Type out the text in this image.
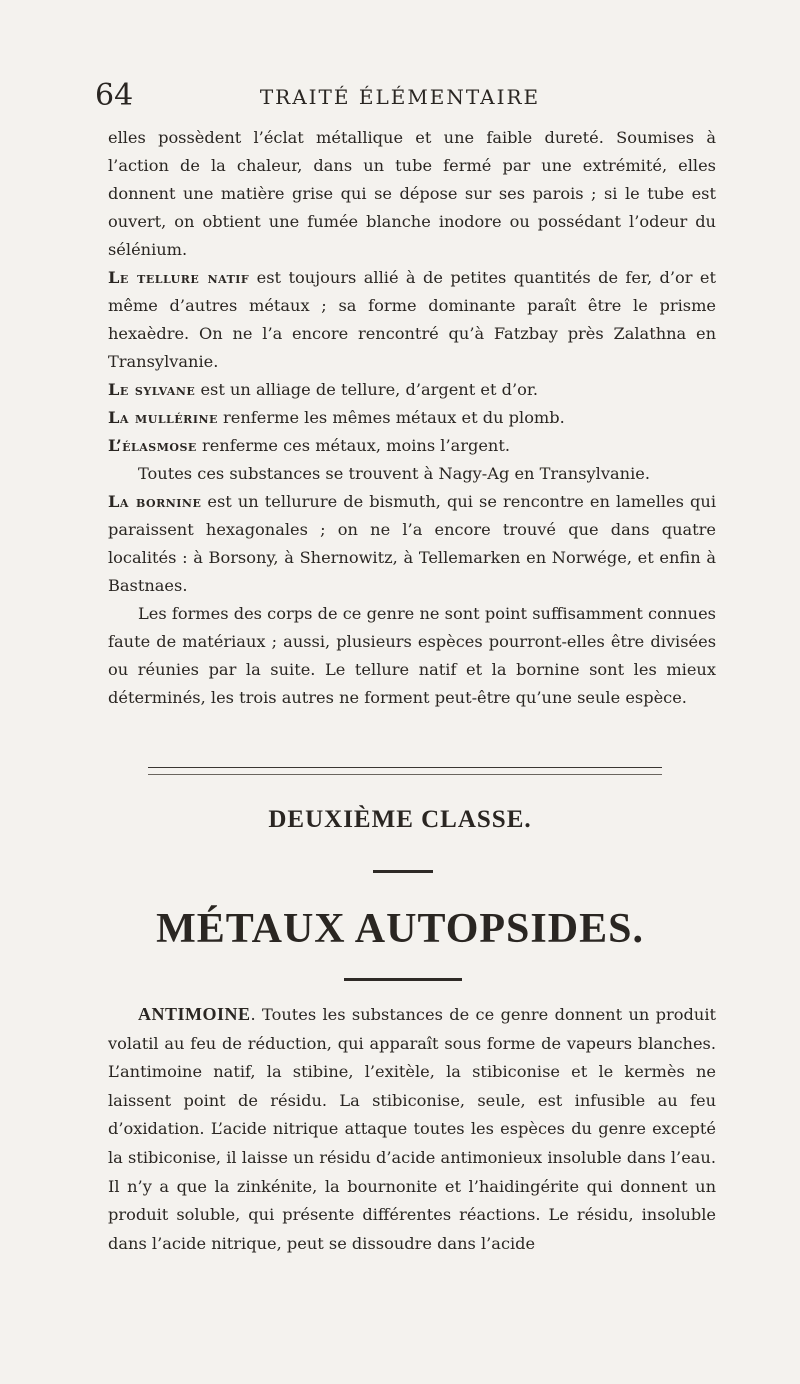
64	TRAITÉ ÉLÉMENTAIRE

elles possèdent l’éclat métallique et une faible dureté. Soumises à l’action de la chaleur, dans un tube fermé par une extrémité, elles donnent une matière grise qui se dépose sur ses parois ; si le tube est ouvert, on obtient une fumée blanche inodore ou possédant l’odeur du sélénium.

Le tellure natif est toujours allié à de petites quantités de fer, d’or et même d’autres métaux ; sa forme dominante paraît être le prisme hexaèdre. On ne l’a encore rencontré qu’à Fatzbay près Zalathna en Transylvanie.

Le sylvane est un alliage de tellure, d’argent et d’or.

La mullérine renferme les mêmes métaux et du plomb.

L’élasmose renferme ces métaux, moins l’argent.

Toutes ces substances se trouvent à Nagy-Ag en Transylvanie.

La bornine est un tellurure de bismuth, qui se rencontre en lamelles qui paraissent hexagonales ; on ne l’a encore trouvé que dans quatre localités : à Borsony, à Shernowitz, à Tellemarken en Norwége, et enfin à Bastnaes.

Les formes des corps de ce genre ne sont point suffisamment connues faute de matériaux ; aussi, plusieurs espèces pourront-elles être divisées ou réunies par la suite. Le tellure natif et la bornine sont les mieux déterminés, les trois autres ne forment peut-être qu’une seule espèce.

DEUXIÈME CLASSE.
MÉTAUX AUTOPSIDES.

ANTIMOINE. Toutes les substances de ce genre donnent un produit volatil au feu de réduction, qui apparaît sous forme de vapeurs blanches. L’antimoine natif, la stibine, l’exitèle, la stibiconise et le kermès ne laissent point de résidu. La stibiconise, seule, est infusible au feu d’oxidation. L’acide nitrique attaque toutes les espèces du genre excepté la stibiconise, il laisse un résidu d’acide antimonieux insoluble dans l’eau. Il n’y a que la zinkénite, la bournonite et l’haidingérite qui donnent un produit soluble, qui présente différentes réactions. Le résidu, insoluble dans l’acide nitrique, peut se dissoudre dans l’acide
